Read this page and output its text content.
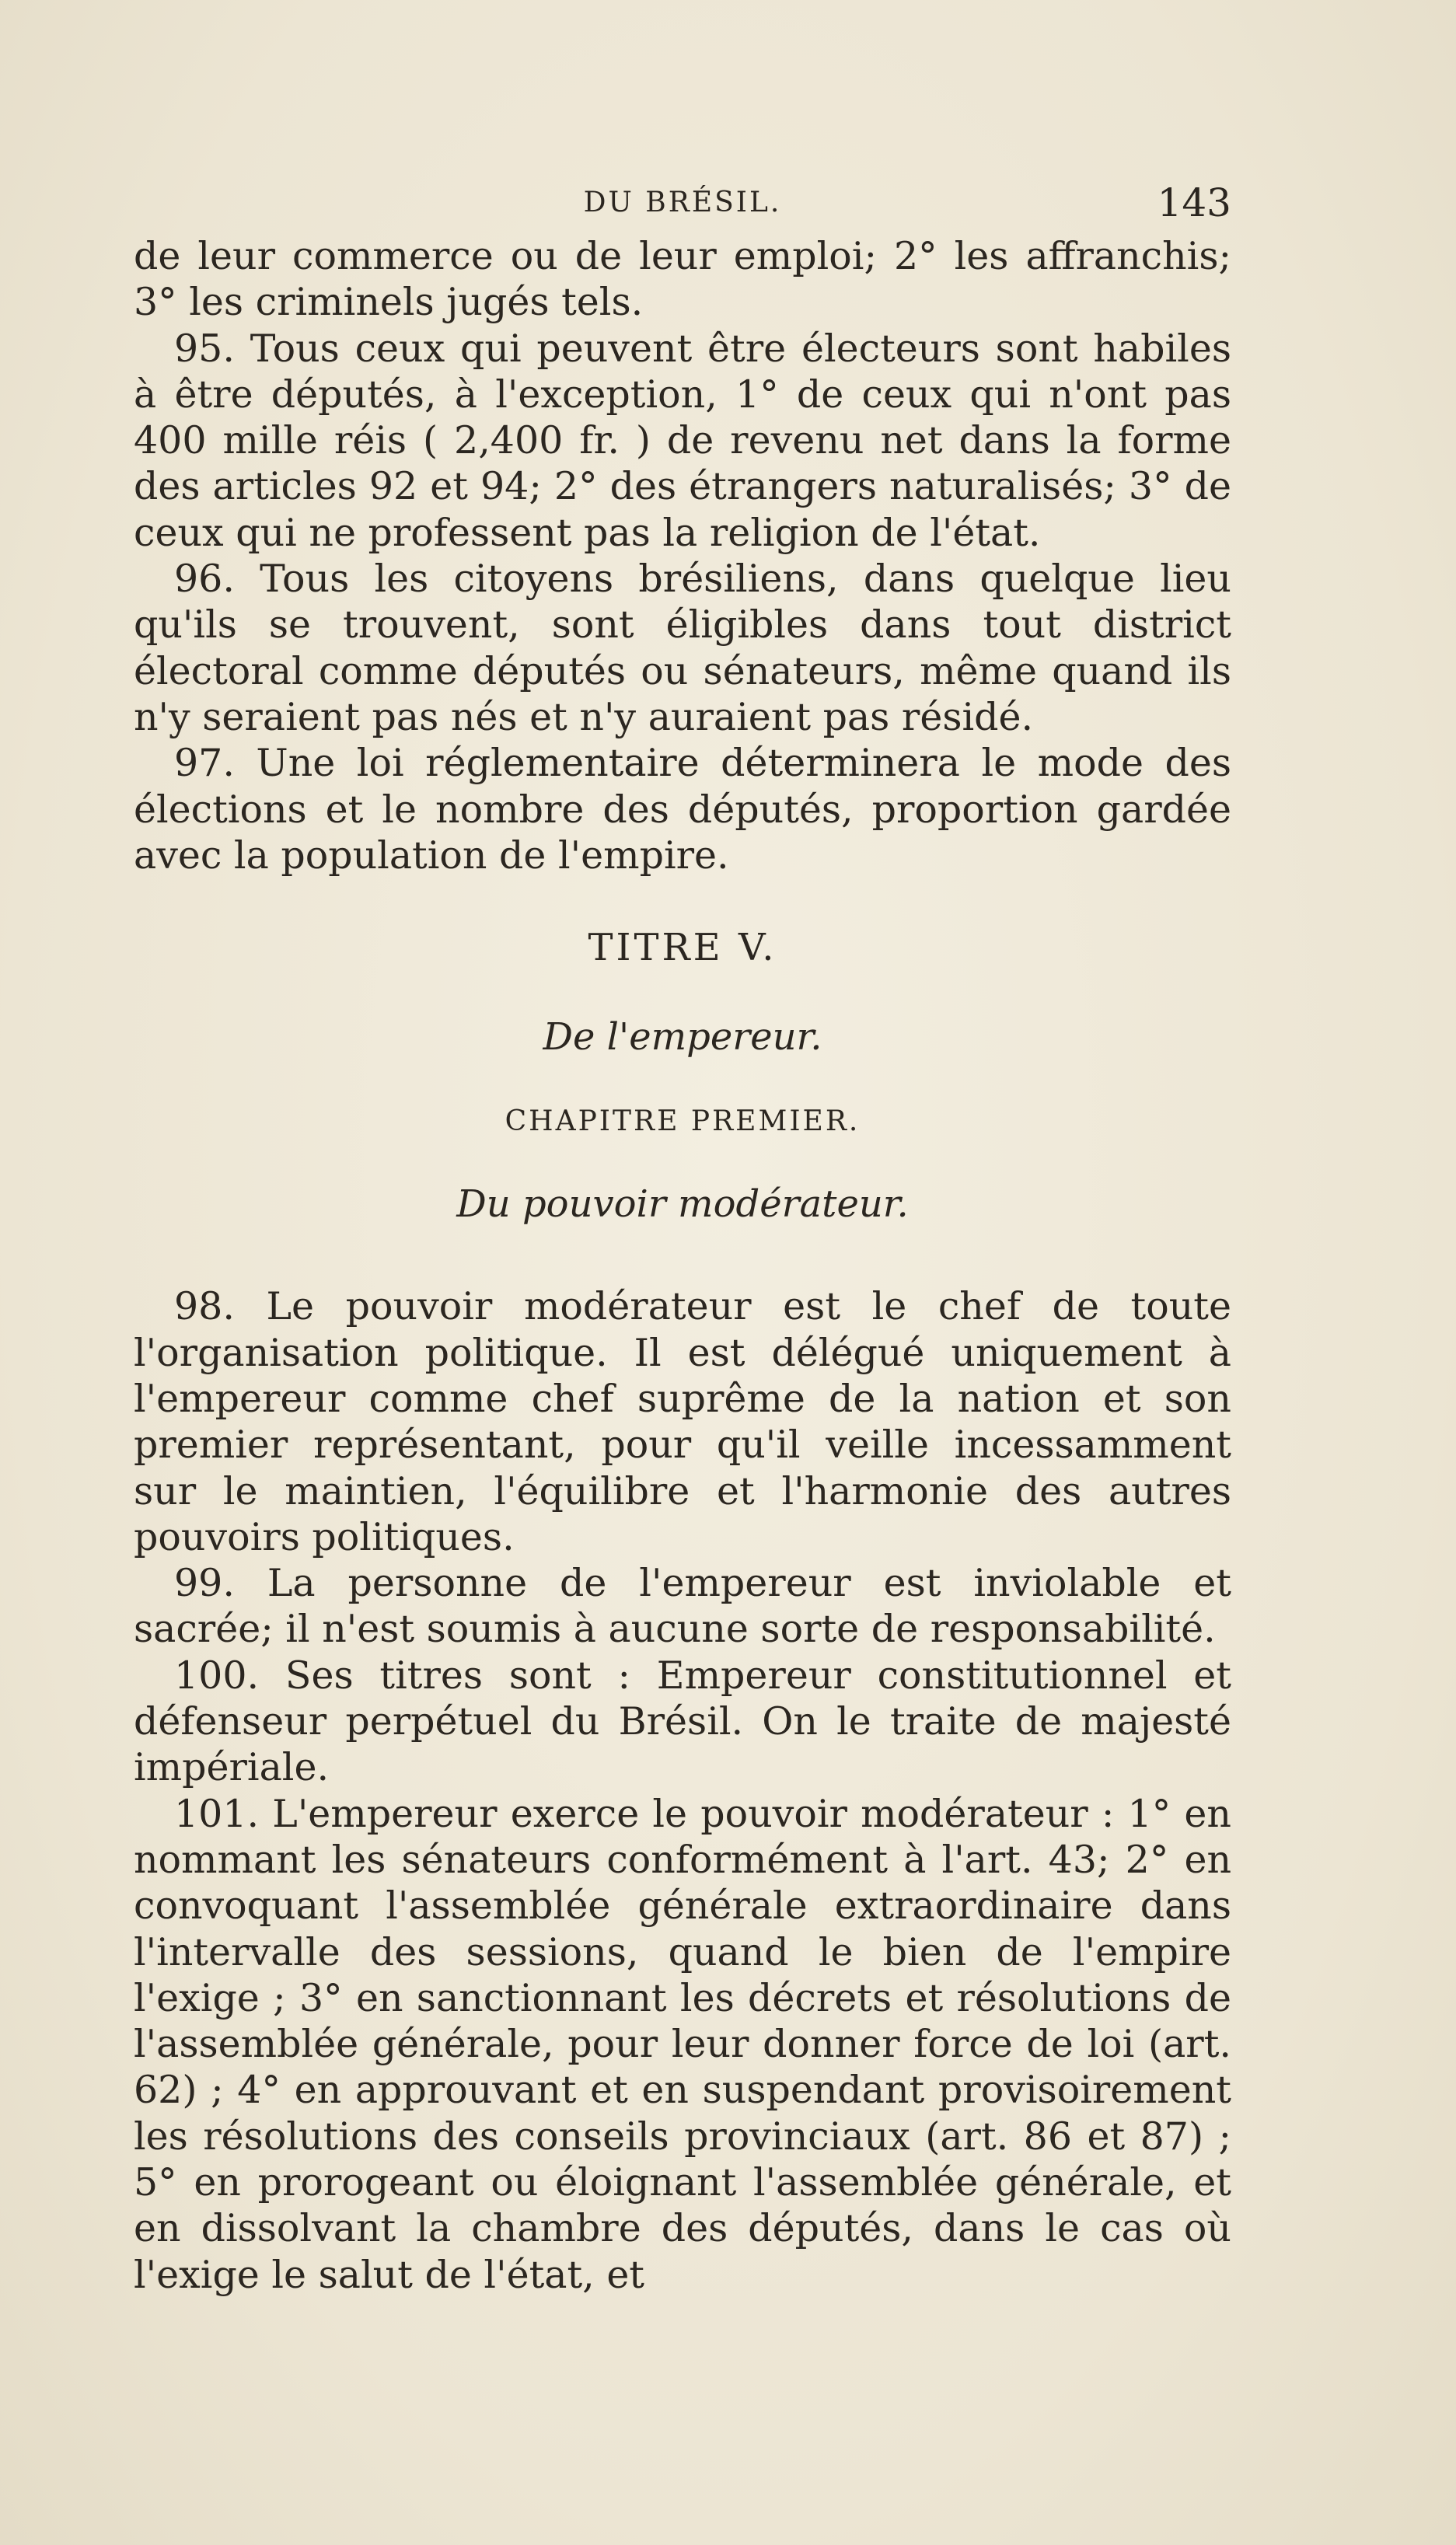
DU BRÉSIL.	143

de leur commerce ou de leur emploi; 2° les affranchis; 3° les criminels jugés tels.

95. Tous ceux qui peuvent être électeurs sont habiles à être députés, à l'exception, 1° de ceux qui n'ont pas 400 mille réis ( 2,400 fr. ) de revenu net dans la forme des articles 92 et 94; 2° des étrangers naturalisés; 3° de ceux qui ne professent pas la religion de l'état.

96. Tous les citoyens brésiliens, dans quelque lieu qu'ils se trouvent, sont éligibles dans tout district électoral comme députés ou sénateurs, même quand ils n'y seraient pas nés et n'y auraient pas résidé.

97. Une loi réglementaire déterminera le mode des élections et le nombre des députés, proportion gardée avec la population de l'empire.

TITRE V.

De l'empereur.

CHAPITRE PREMIER.

Du pouvoir modérateur.

98. Le pouvoir modérateur est le chef de toute l'organisation politique. Il est délégué uniquement à l'empereur comme chef suprême de la nation et son premier représentant, pour qu'il veille incessamment sur le maintien, l'équilibre et l'harmonie des autres pouvoirs politiques.

99. La personne de l'empereur est inviolable et sacrée; il n'est soumis à aucune sorte de responsabilité.

100. Ses titres sont : Empereur constitutionnel et défenseur perpétuel du Brésil. On le traite de majesté impériale.

101. L'empereur exerce le pouvoir modérateur : 1° en nommant les sénateurs conformément à l'art. 43; 2° en convoquant l'assemblée générale extraordinaire dans l'intervalle des sessions, quand le bien de l'empire l'exige ; 3° en sanctionnant les décrets et résolutions de l'assemblée générale, pour leur donner force de loi (art. 62) ; 4° en approuvant et en suspendant provisoirement les résolutions des conseils provinciaux (art. 86 et 87) ; 5° en prorogeant ou éloignant l'assemblée générale, et en dissolvant la chambre des députés, dans le cas où l'exige le salut de l'état, et
